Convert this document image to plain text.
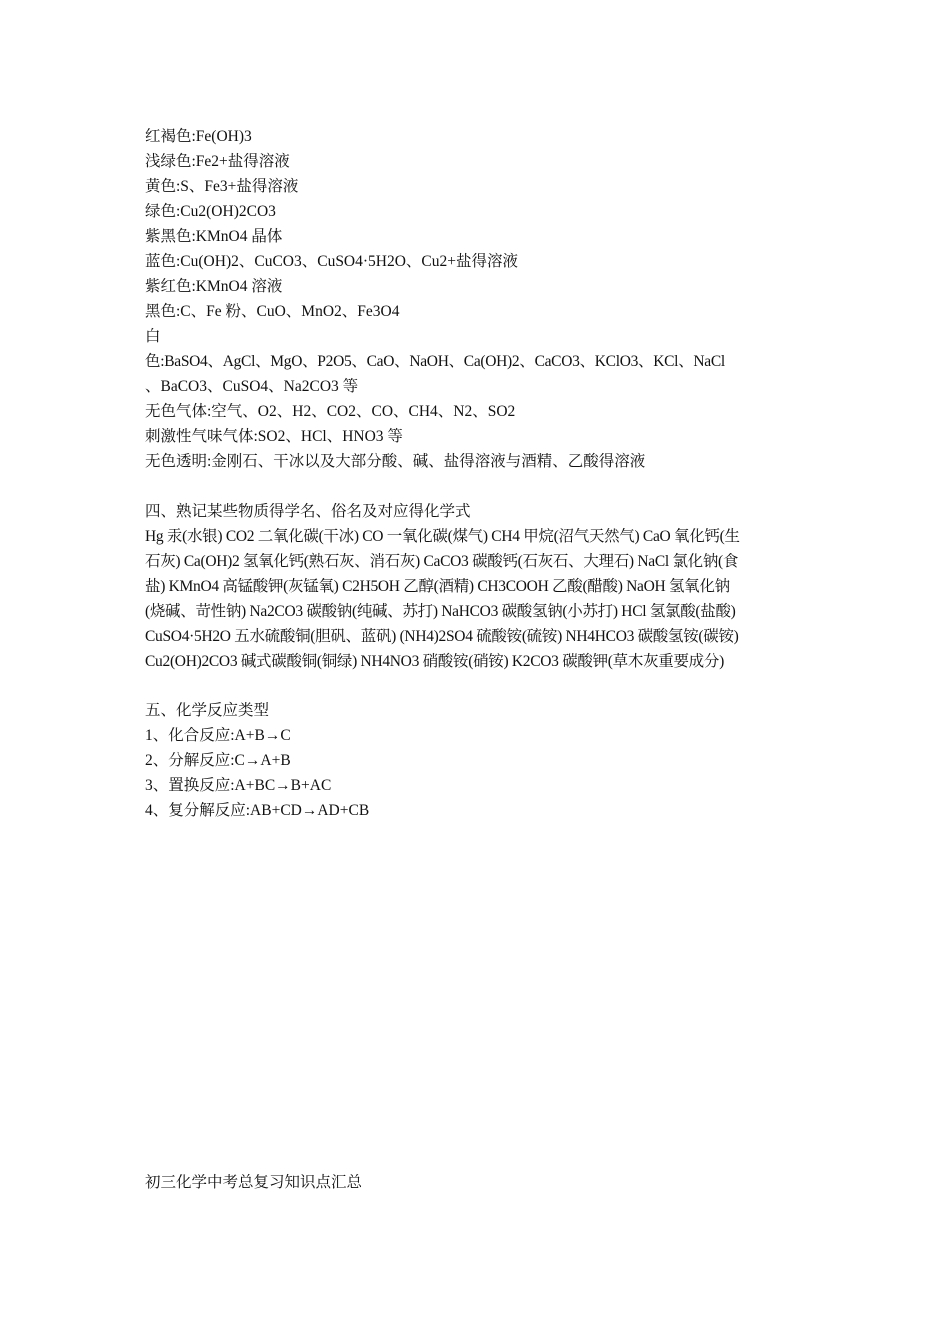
红褐色:Fe(OH)3
浅绿色:Fe2+盐得溶液
黄色:S、Fe3+盐得溶液
绿色:Cu2(OH)2CO3
紫黑色:KMnO4 晶体
蓝色:Cu(OH)2、CuCO3、CuSO4·5H2O、Cu2+盐得溶液
紫红色:KMnO4 溶液
黑色:C、Fe 粉、CuO、MnO2、Fe3O4
白
色:BaSO4、AgCl、MgO、P2O5、CaO、NaOH、Ca(OH)2、CaCO3、KClO3、KCl、NaCl
、BaCO3、CuSO4、Na2CO3 等
无色气体:空气、O2、H2、CO2、CO、CH4、N2、SO2
刺激性气味气体:SO2、HCl、HNO3 等
无色透明:金刚石、干冰以及大部分酸、碱、盐得溶液与酒精、乙酸得溶液
四、熟记某些物质得学名、俗名及对应得化学式
Hg 汞(水银) CO2 二氧化碳(干冰) CO 一氧化碳(煤气) CH4 甲烷(沼气天然气) CaO 氧化钙(生
石灰) Ca(OH)2 氢氧化钙(熟石灰、消石灰) CaCO3 碳酸钙(石灰石、大理石) NaCl 氯化钠(食
盐) KMnO4 高锰酸钾(灰锰氧) C2H5OH 乙醇(酒精) CH3COOH 乙酸(醋酸) NaOH 氢氧化钠
(烧碱、苛性钠) Na2CO3 碳酸钠(纯碱、苏打) NaHCO3 碳酸氢钠(小苏打) HCl 氢氯酸(盐酸)
CuSO4·5H2O 五水硫酸铜(胆矾、蓝矾) (NH4)2SO4 硫酸铵(硫铵) NH4HCO3 碳酸氢铵(碳铵)
Cu2(OH)2CO3 碱式碳酸铜(铜绿) NH4NO3 硝酸铵(硝铵) K2CO3 碳酸钾(草木灰重要成分)
五、化学反应类型
1、化合反应:A+B→C
2、分解反应:C→A+B
3、置换反应:A+BC→B+AC
4、复分解反应:AB+CD→AD+CB
初三化学中考总复习知识点汇总
